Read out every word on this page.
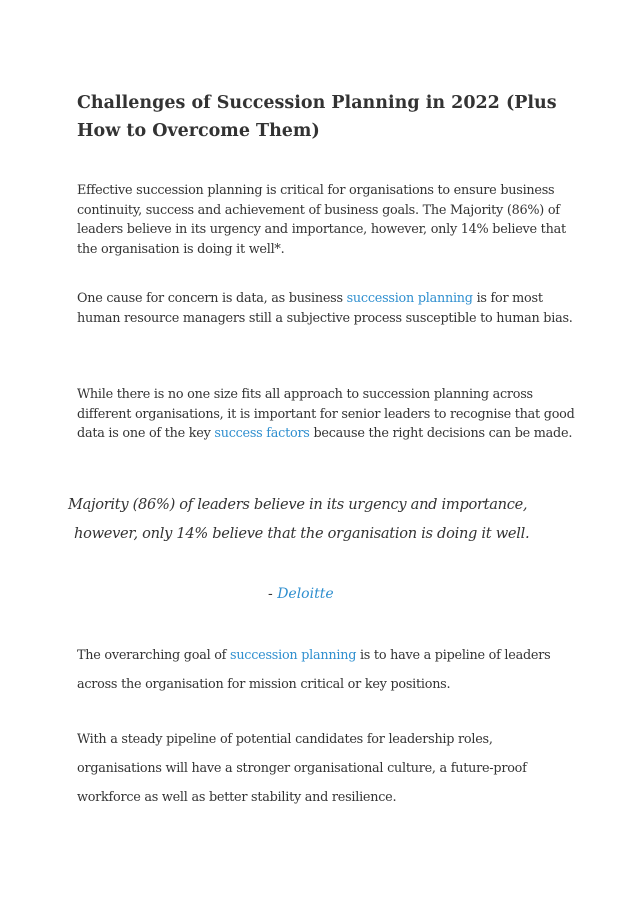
Challenges of Succession Planning in 2022 (Plus How to Overcome Them)

Effective succession planning is critical for organisations to ensure business continuity, success and achievement of business goals. The Majority (86%) of leaders believe in its urgency and importance, however, only 14% believe that the organisation is doing it well*.

One cause for concern is data, as business succession planning is for most human resource managers still a subjective process susceptible to human bias.

While there is no one size fits all approach to succession planning across different organisations, it is important for senior leaders to recognise that good data is one of the key success factors because the right decisions can be made.

Majority (86%) of leaders believe in its urgency and importance,
however, only 14% believe that the organisation is doing it well.

- Deloitte

The overarching goal of succession planning is to have a pipeline of leaders across the organisation for mission critical or key positions.

With a steady pipeline of potential candidates for leadership roles, organisations will have a stronger organisational culture, a future-proof workforce as well as better stability and resilience.
